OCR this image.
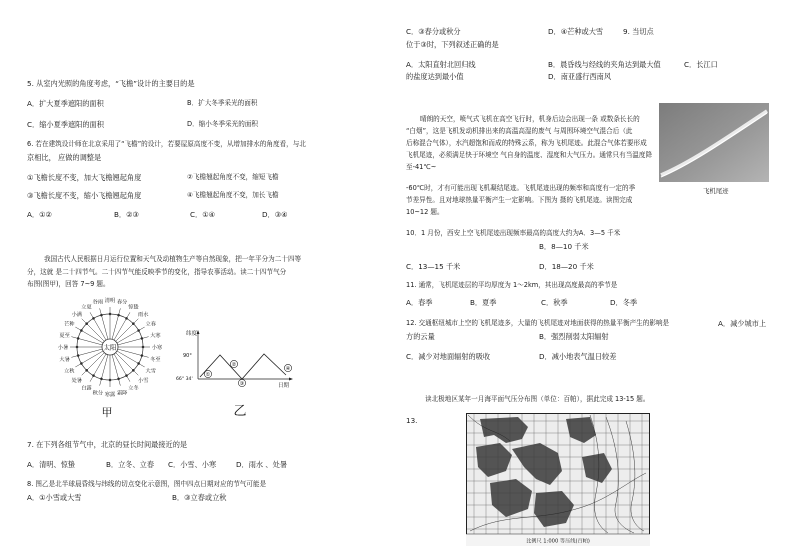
5. 从室内光照的角度考虑，“飞檐”设计的主要目的是
A．扩大夏季遮阳的面积	B．扩大冬季采光的面积
C．缩小夏季遮阳的面积	D．缩小冬季采光的面积
6. 若在建筑设计师在北京采用了“飞檐”的设计，若要屋原高度不变，从增加排水的角度看，与北
京相比， 应做的调整是
①飞檐长度不变，加大飞檐翘起角度	②飞檐翘起角度不变，缩短飞檐
③飞檐长度不变，缩小飞檐翘起角度	④飞檐翘起角度不变，加长飞檐
A．①②	B．②③	C．①④	D．③④
我国古代人民根据日月运行位置和天气及动植物生产等自然现象，把一年平分为二十四等
分，这就 是二十四节气。二十四节气能反映季节的变化，指导农事活动。读二十四节气分
布图(图甲)，回答 7~9 题。
太阳
清明 春分
惊蛰
雨水
立春
大寒
小寒
冬至
大雪
小雪
立冬
霜降
寒露
秋分
白露
处暑
立秋
大暑
小暑
夏至
芒种
小满
立夏
谷雨
甲
纬度
90°
66° 34'
日期
①
②
③
④
乙
7. 在下列各组节气中，北京的昼长时间最接近的是
A．清明、惊蛰	B．立冬、立春 C．小雪、小寒	D．雨水 、处暑
8. 图乙是北半球晨昏线与纬线的切点变化示意图，图中四点日期对应的节气可能是
A．①小雪或大雪	B．③立春或立秋
C．③春分或秋分	D．④芒种或大雪	9. 当切点
位于③时，下列叙述正确的是
A．太阳直射北回归线	B．晨昏线与经线的夹角达到最大值	C．长江口
的盐度达到最小值	D．南亚盛行西南风
晴朗的天空，喷气式飞机在高空飞行时，机身后边会出现一条 或数条长长的
“白烟”，这是飞机发动机排出来的高温高湿的废气 与周围环境空气混合后（此
后称混合气体），水汽超饱和而成的特殊云系，称为飞机尾迹。此混合气体若要形成
飞机尾迹，必须满足快于环境空 气自身的温度、湿度和大气压力。通常只有当温度降
至-41℃~
-60℃时，才有可能出现飞机凝结尾迹。飞机尾迹出现的频率和高度有一定的季
节差异性。且对地球热量平衡产生一定影响。下图为 摄的飞机尾迹。读图完成
10~12 题。
飞机尾迹
10．1 月份，西安上空飞机尾迹出现频率最高的高度大约为A．3—5 千米
B．8—10 千米
C．13—15 千米	D．18—20 千米
11. 通常，飞机尾迹层的平均厚度为 1～2km，其出现高度最高的季节是
A．春季	B．夏季	C．秋季	D．冬季
12. 交通枢纽城市上空的飞机尾迹多，大量的飞机尾迹对地面获得的热量平衡产生的影响是	A．减少城市上
方的云量	B．强烈削弱太阳辐射
C．减少对地面辐射的吸收	D．减小地表气温日较差
读北极地区某年一月海平面气压分布图（单位：百帕），据此完成 13-15 题。
13.
比例尺 1:000 等压线(百帕)
